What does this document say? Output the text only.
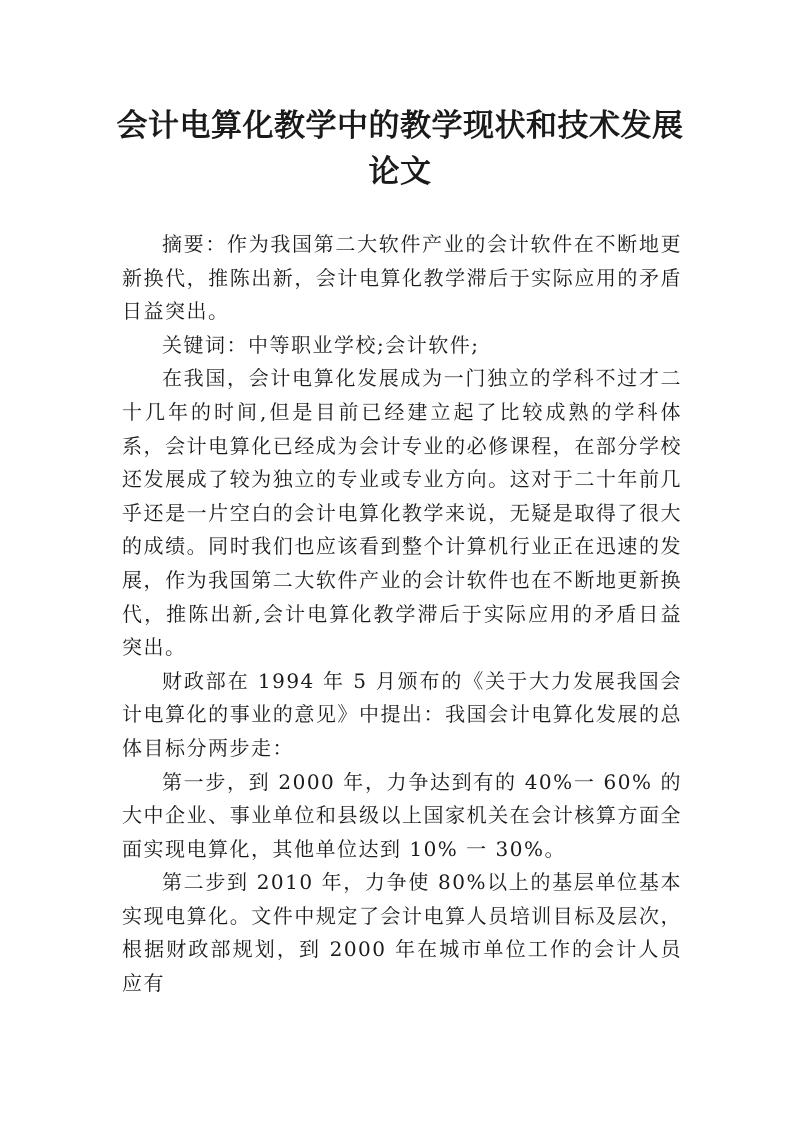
会计电算化教学中的教学现状和技术发展
论文

摘要：作为我国第二大软件产业的会计软件在不断地更新换代，推陈出新，会计电算化教学滞后于实际应用的矛盾日益突出。

关键词：中等职业学校;会计软件;

在我国，会计电算化发展成为一门独立的学科不过才二十几年的时间,但是目前已经建立起了比较成熟的学科体系，会计电算化已经成为会计专业的必修课程，在部分学校还发展成了较为独立的专业或专业方向。这对于二十年前几乎还是一片空白的会计电算化教学来说，无疑是取得了很大的成绩。同时我们也应该看到整个计算机行业正在迅速的发展，作为我国第二大软件产业的会计软件也在不断地更新换代，推陈出新,会计电算化教学滞后于实际应用的矛盾日益突出。

财政部在 1994 年 5 月颁布的《关于大力发展我国会计电算化的事业的意见》中提出：我国会计电算化发展的总体目标分两步走：

第一步，到 2000 年，力争达到有的 40%一 60% 的大中企业、事业单位和县级以上国家机关在会计核算方面全面实现电算化，其他单位达到 10% 一 30%。

第二步到 2010 年，力争使 80%以上的基层单位基本实现电算化。文件中规定了会计电算人员培训目标及层次，根据财政部规划，到 2000 年在城市单位工作的会计人员应有
